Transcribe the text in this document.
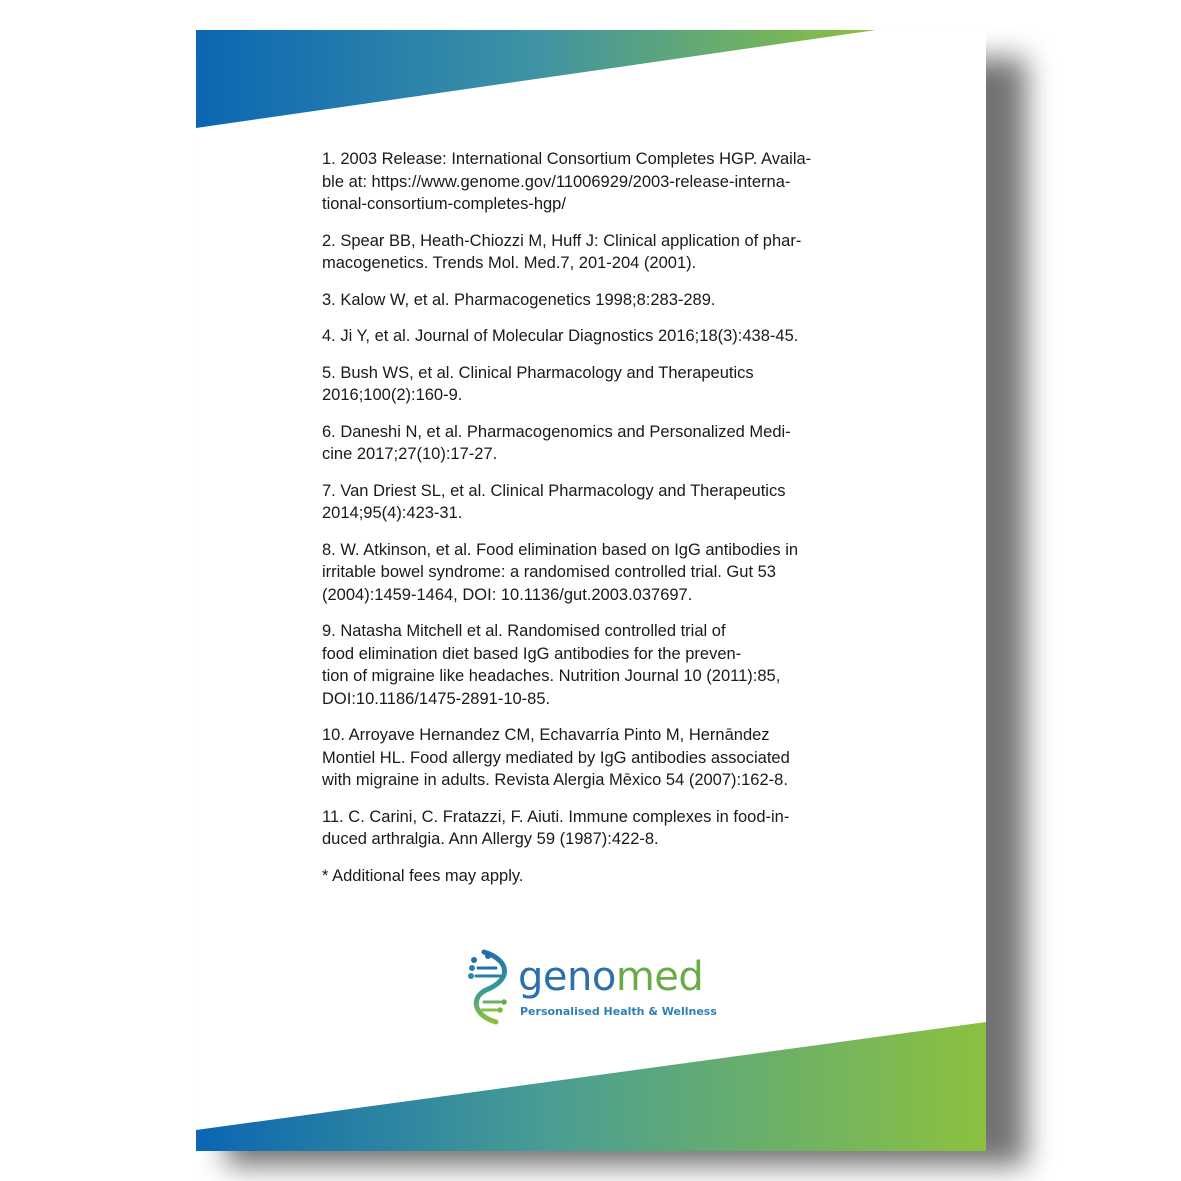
1. 2003 Release: International Consortium Completes HGP. Availa-
ble at: https://www.genome.gov/11006929/2003-release-interna-
tional-consortium-completes-hgp/

2. Spear BB, Heath-Chiozzi M, Huff J: Clinical application of phar-
macogenetics. Trends Mol. Med.7, 201-204 (2001).

3. Kalow W, et al. Pharmacogenetics 1998;8:283-289.

4. Ji Y, et al. Journal of Molecular Diagnostics 2016;18(3):438-45.

5. Bush WS, et al. Clinical Pharmacology and Therapeutics
2016;100(2):160-9.

6. Daneshi N, et al. Pharmacogenomics and Personalized Medi-
cine 2017;27(10):17-27.

7. Van Driest SL, et al. Clinical Pharmacology and Therapeutics
2014;95(4):423-31.

8. W. Atkinson, et al. Food elimination based on IgG antibodies in
irritable bowel syndrome: a randomised controlled trial. Gut 53
(2004):1459-1464, DOI: 10.1136/gut.2003.037697.

9. Natasha Mitchell et al. Randomised controlled trial of
food elimination diet based IgG antibodies for the preven-
tion of migraine like headaches. Nutrition Journal 10 (2011):85,
DOI:10.1186/1475-2891-10-85.

10. Arroyave Hernandez CM, Echavarría Pinto M, Hernāndez
Montiel HL. Food allergy mediated by IgG antibodies associated
with migraine in adults. Revista Alergia Mēxico 54 (2007):162-8.

11. C. Carini, C. Fratazzi, F. Aiuti. Immune complexes in food-in-
duced arthralgia. Ann Allergy 59 (1987):422-8.

* Additional fees may apply.

genomed

Personalised Health & Wellness
